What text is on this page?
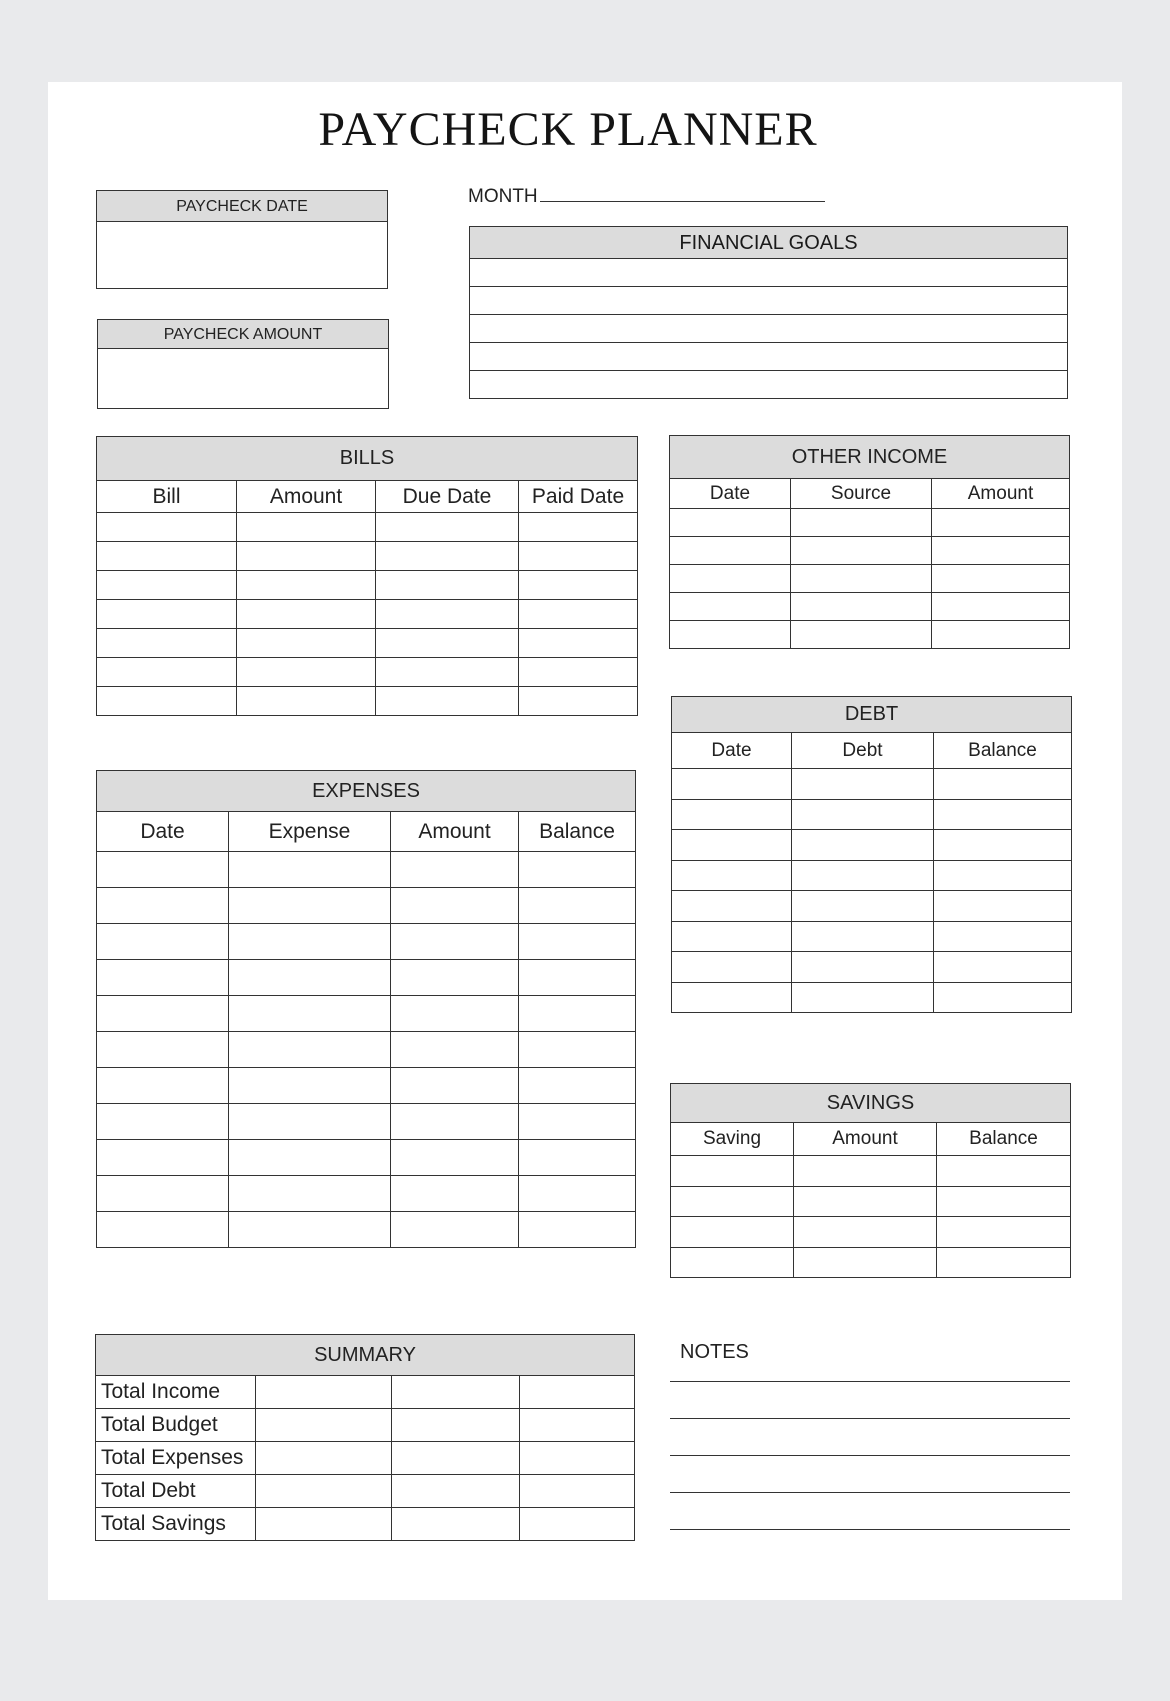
PAYCHECK PLANNER
PAYCHECK DATE
PAYCHECK AMOUNT
MONTH
FINANCIAL GOALS
BILLS			
Bill	Amount	Due Date	Paid Date

OTHER INCOME		
Date	Source	Amount

DEBT		
Date	Debt	Balance

EXPENSES			
Date	Expense	Amount	Balance

SAVINGS		
Saving	Amount	Balance

SUMMARY			
Total Income			
Total Budget			
Total Expenses			
Total Debt			
Total Savings			
NOTES
